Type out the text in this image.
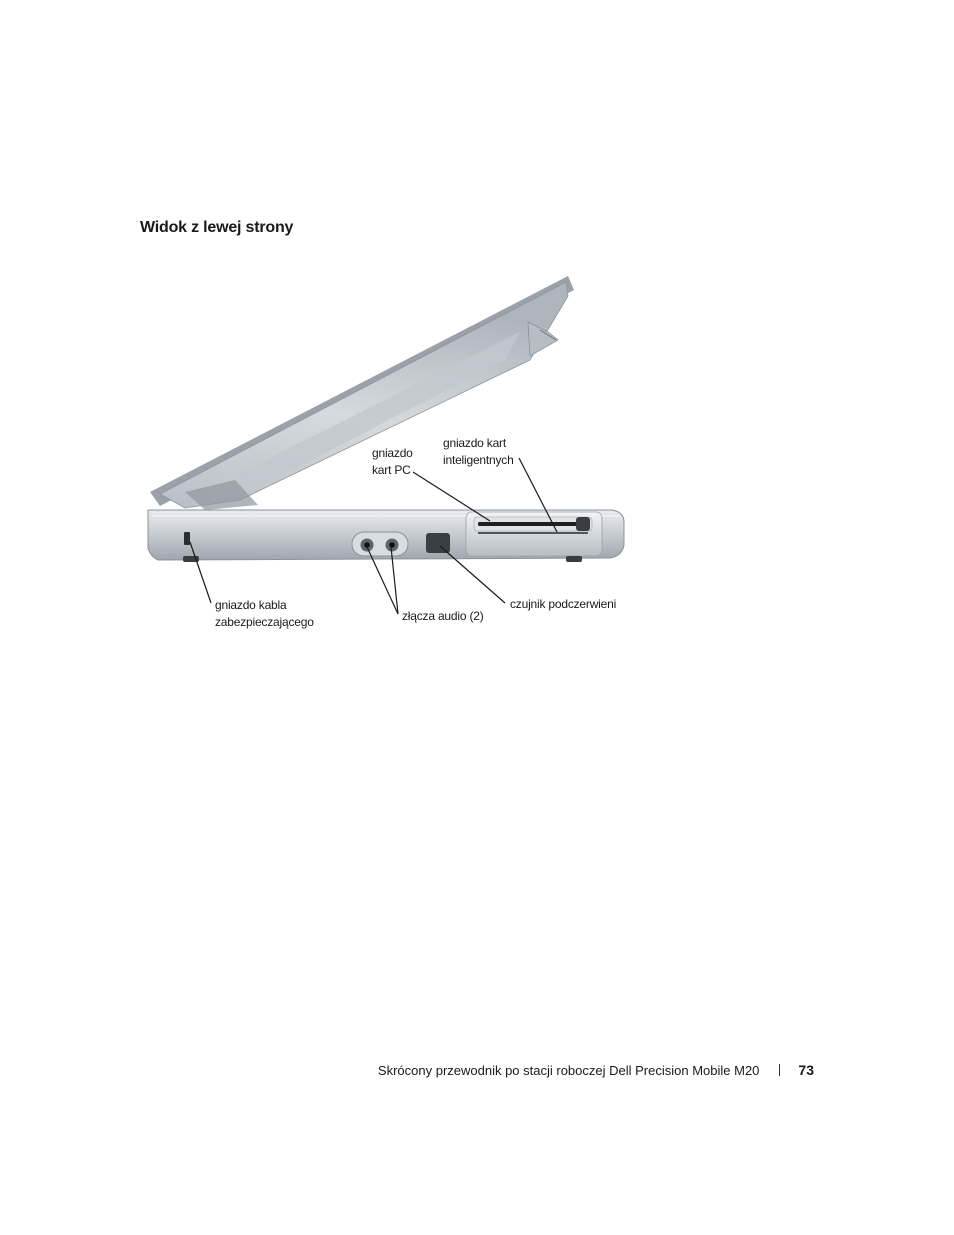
Widok z lewej strony
gniazdo
kart PC
gniazdo kart
inteligentnych
gniazdo kabla
zabezpieczającego	złącza audio (2)
czujnik podczerwieni
Skrócony przewodnik po stacji roboczej Dell Precision Mobile M20	73
